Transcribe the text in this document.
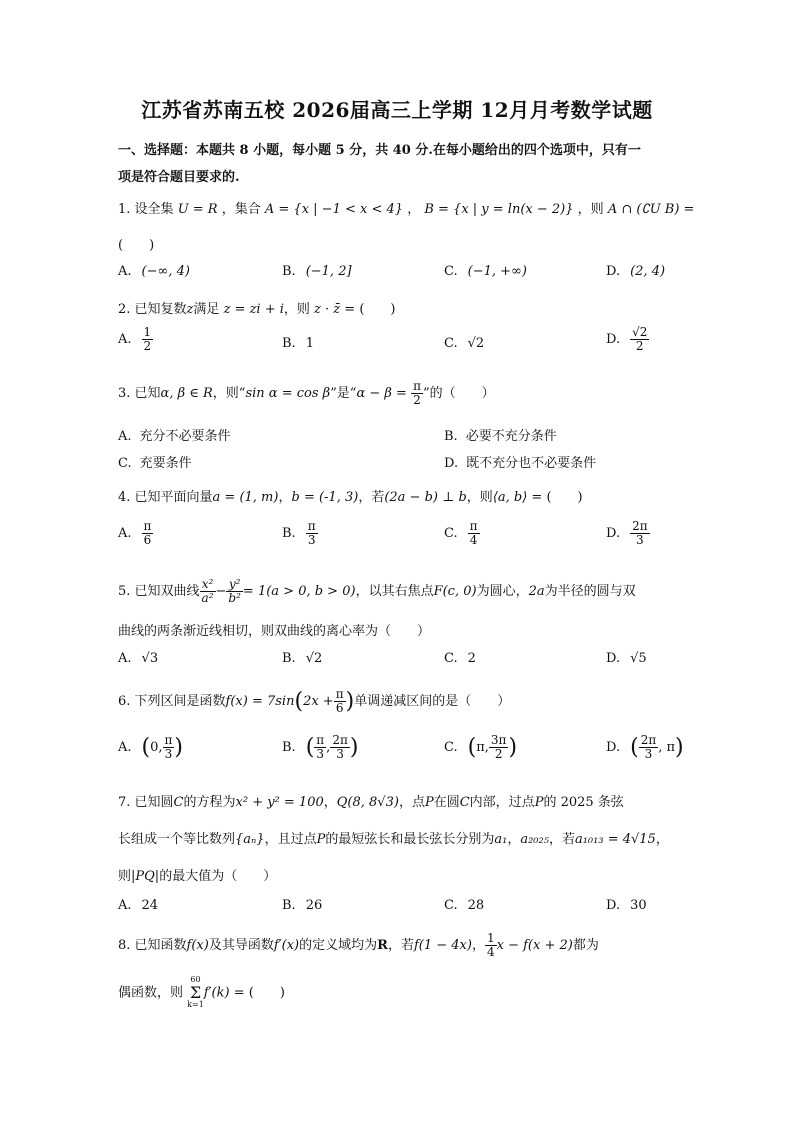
江苏省苏南五校 2026届高三上学期 12月月考数学试题
一、选择题：本题共 8 小题，每小题 5 分，共 40 分.在每小题给出的四个选项中，只有一
项是符合题目要求的.
1. 设全集 U = R ，集合 A = {x | −1 < x < 4} ， B = {x | y = ln(x − 2)} ，则 A ∩ (∁U B) =
(　　)
A. (−∞, 4)	B. (−1, 2]	C. (−1, +∞)	D. (2, 4)
2. 已知复数z满足 z = zi + i，则 z · z̄ = (　　)
A. $\frac{1}{2}$	B. 1	C. √2	D. $\frac{√2}{2}$
3. 已知α, β ∈ R，则“sin α = cos β”是“$\alpha - \beta = \frac{\pi}{2}$ ”的（　　）
A. 充分不必要条件	B. 必要不充分条件
C. 充要条件	D. 既不充分也不必要条件
4. 已知平面向量a = (1, m)，b = (-1, 3)，若(2a − b) ⊥ b，则⟨a, b⟩ = (　　)
A. $\frac{\pi}{6}$	B. $\frac{\pi}{3}$	C. $\frac{\pi}{4}$	D. $\frac{2\pi}{3}$
5. 已知双曲线 $\frac{\text{x²}}{\text{a²}} - \frac{\text{y²}}{\text{b²}} = 1(a > 0$, b > 0)，以其右焦点F(c, 0)为圆心，2a为半径的圆与双
曲线的两条渐近线相切，则双曲线的离心率为（　　）
A. √3	B. √2	C. 2	D. √5
6. 下列区间是函数$f(x) = 7\sin(2x + \frac{\pi}{6}$ )单调递减区间的是（　　）
A. (0, $\frac{\pi}{3}$ )	B. ( $\frac{\pi}{3}$ , $\frac{2\pi}{3}$ )	C. (π, $\frac{3\pi}{2}$ )	D. ( $\frac{2\pi}{3}$ , π)
7. 已知圆C的方程为x² + y² = 100，Q(8, 8√3)，点P在圆C内部，过点P的 2025 条弦
长组成一个等比数列{aₙ}，且过点P的最短弦长和最长弦长分别为a₁，a₂₀₂₅，若a₁₀₁₃ = 4√15，
则|PQ|的最大值为（　　）
A. 24	B. 26	C. 28	D. 30
8. 已知函数f(x)及其导函数f′(x)的定义域均为R，若f(1 − 4x)， $\frac{1}{4}$ x − f(x + 2)都为
偶函数，则
60
Σ
k=1
f′(k) = (　　)
